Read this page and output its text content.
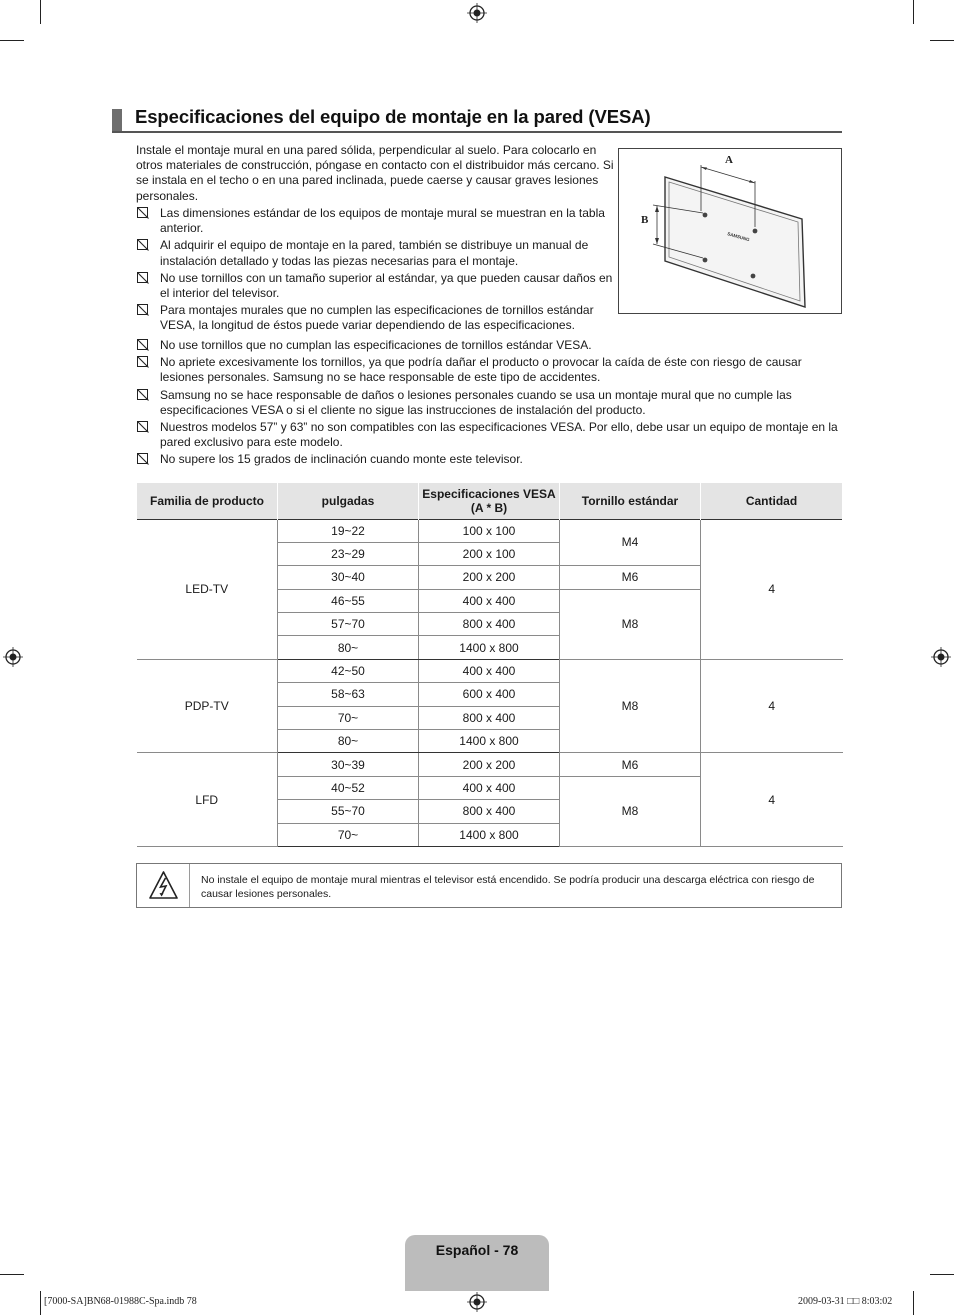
Especificaciones del equipo de montaje en la pared (VESA)

Instale el montaje mural en una pared sólida, perpendicular al suelo. Para colocarlo en otros materiales de construcción, póngase en contacto con el distribuidor más cercano. Si se instala en el techo o en una pared inclinada, puede caerse y causar graves lesiones personales.

SAMSUNG
A
B
Las dimensiones estándar de los equipos de montaje mural se muestran en la tabla anterior.
Al adquirir el equipo de montaje en la pared, también se distribuye un manual de instalación detallado y todas las piezas necesarias para el montaje.
No use tornillos con un tamaño superior al estándar, ya que pueden causar daños en el interior del televisor.
Para montajes murales que no cumplen las especificaciones de tornillos estándar VESA, la longitud de éstos puede variar dependiendo de las especificaciones.
No use tornillos que no cumplan las especificaciones de tornillos estándar VESA.
No apriete excesivamente los tornillos, ya que podría dañar el producto o provocar la caída de éste con riesgo de causar lesiones personales. Samsung no se hace responsable de este tipo de accidentes.
Samsung no se hace responsable de daños o lesiones personales cuando se usa un montaje mural que no cumple las especificaciones VESA o si el cliente no sigue las instrucciones de instalación del producto.
Nuestros modelos 57” y 63” no son compatibles con las especificaciones VESA. Por ello, debe usar un equipo de montaje en la pared exclusivo para este modelo.
No supere los 15 grados de inclinación cuando monte este televisor.
Familia de producto	pulgadas	Especificaciones VESA (A * B)	Tornillo estándar	Cantidad
LED-TV	19~22	100 x 100	M4	4
	23~29	200 x 100		
	30~40	200 x 200	M6	
	46~55	400 x 400	M8	
	57~70	800 x 400		
	80~	1400 x 800		
PDP-TV	42~50	400 x 400	M8	4
	58~63	600 x 400		
	70~	800 x 400		
	80~	1400 x 800		
LFD	30~39	200 x 200	M6	4
	40~52	400 x 400	M8	
	55~70	800 x 400		
	70~	1400 x 800		
No instale el equipo de montaje mural mientras el televisor está encendido. Se podría producir una descarga eléctrica con riesgo de causar lesiones personales.
Español - 78
[7000-SA]BN68-01988C-Spa.indb 78	2009-03-31 □□ 8:03:02
